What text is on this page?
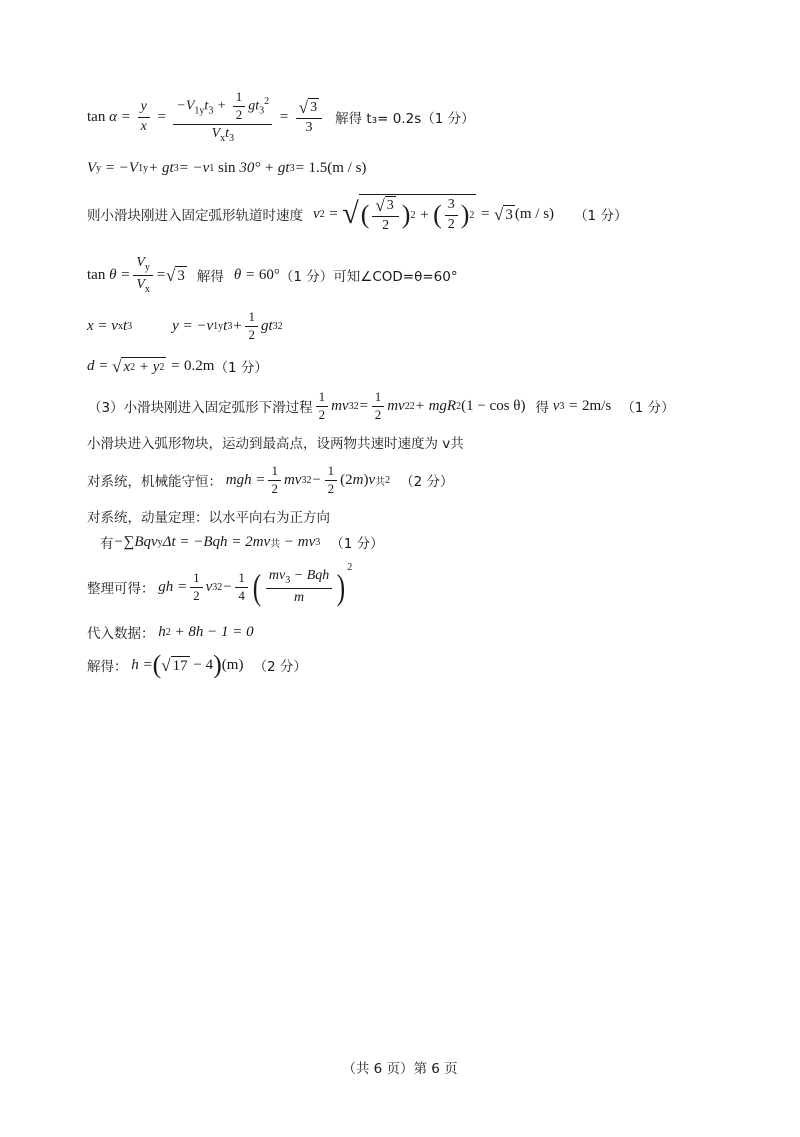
$\tan \alpha = \frac{y}{x} = \frac{-V_{1y}t_3 + \frac{1}{2} gt_3^2}{V_xt_3} = \frac{√ 3}{3}$ 解得 t₃= 0.2s（1 分）
V y = −V 1y + gt 3 = −v 1
sin 30° + gt 3 = 1.5(m / s)
则小滑块刚进入固定弧形轨道时速度 v 2 = √ ( $\frac{√ 3}{2}$ ) 2 + ( $\frac{3}{2}$ ) 2 = √ 3 (m / s) （1 分）
$\tan \theta = \frac{V_y}{V_x}$ = √ 3 解得 θ = 60° （1 分）可知∠COD=θ=60°
x = v x t 3	y = −v 1y t $3 + \frac{1}{2}$ gt 3 2
d = √ x 2 + y 2 = 0.2m （1 分）
（3）小滑块刚进入固定弧形下滑过程 $\frac{1}{2}$ mv 3 $2 = \frac{1}{2}$ mv 2 2 + mgR 2 (1 − cos θ) 得 v 3 = 2m/s （1 分）
小滑块进入弧形物块，运动到最高点，设两物共速时速度为 v共
对系统，机械能守恒： mgh = $\frac{1}{2}$ mv 3 $2 - \frac{1}{2} (2$ m ) v 共 2 （2 分）
对系统，动量定理：以水平向右为正方向
有 −∑Bqv y Δt = −Bqh = 2mv 共 − mv 3 （1 分）
整理可得： gh = $\frac{1}{2}$ v 3 $2 - \frac{1}{4}$ ( $\frac{mv_3 - Bqh}{m} )^2$
代入数据： h 2 + 8h − 1 = 0
解得： h = ( √ 17 − 4 ) (m) （2 分）
（共 6 页）第 6 页
